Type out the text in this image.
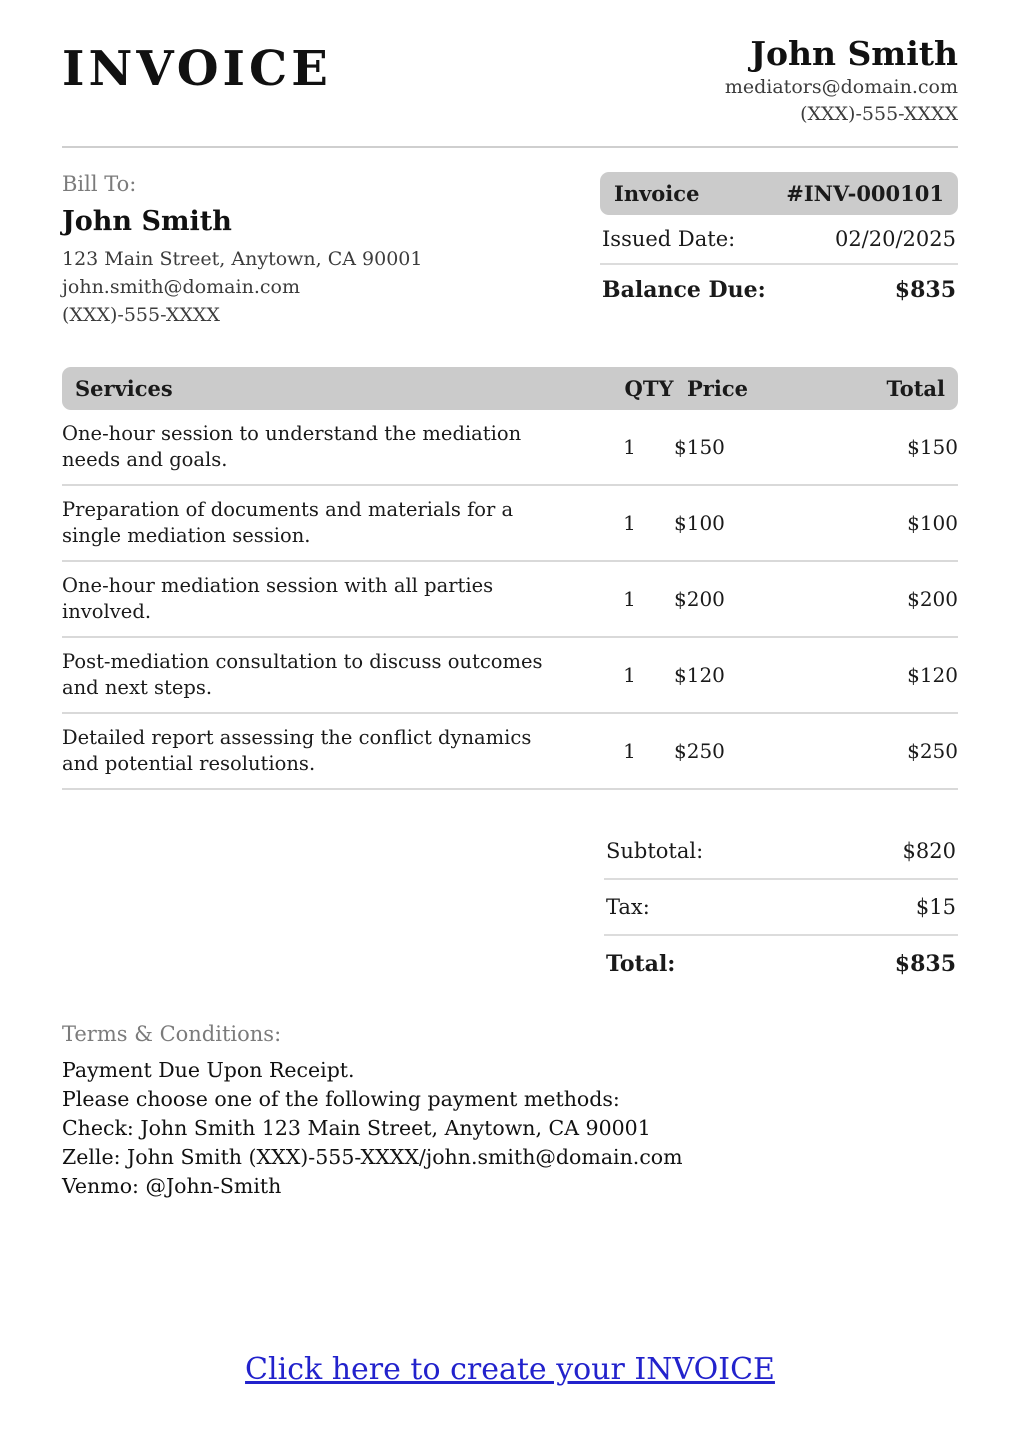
INVOICE	John Smith
mediators@domain.com
(XXX)-555-XXXX
Bill To:
John Smith
123 Main Street, Anytown, CA 90001
john.smith@domain.com
(XXX)-555-XXXX
Invoice	#INV-000101
Issued Date:	02/20/2025
Balance Due:	$835
Services	QTY Price	Total
One-hour session to understand the mediation needs and goals.
1	$150	$150
Preparation of documents and materials for a single mediation session.
1	$100	$100
One-hour mediation session with all parties involved.
1	$200	$200
Post-mediation consultation to discuss outcomes and next steps.
1	$120	$120
Detailed report assessing the conflict dynamics and potential resolutions.
1	$250	$250
Subtotal:	$820
Tax:	$15
Total:	$835
Terms & Conditions:
Payment Due Upon Receipt.
Please choose one of the following payment methods:
Check: John Smith 123 Main Street, Anytown, CA 90001
Zelle: John Smith (XXX)-555-XXXX/john.smith@domain.com
Venmo: @John-Smith
Click here to create your INVOICE
